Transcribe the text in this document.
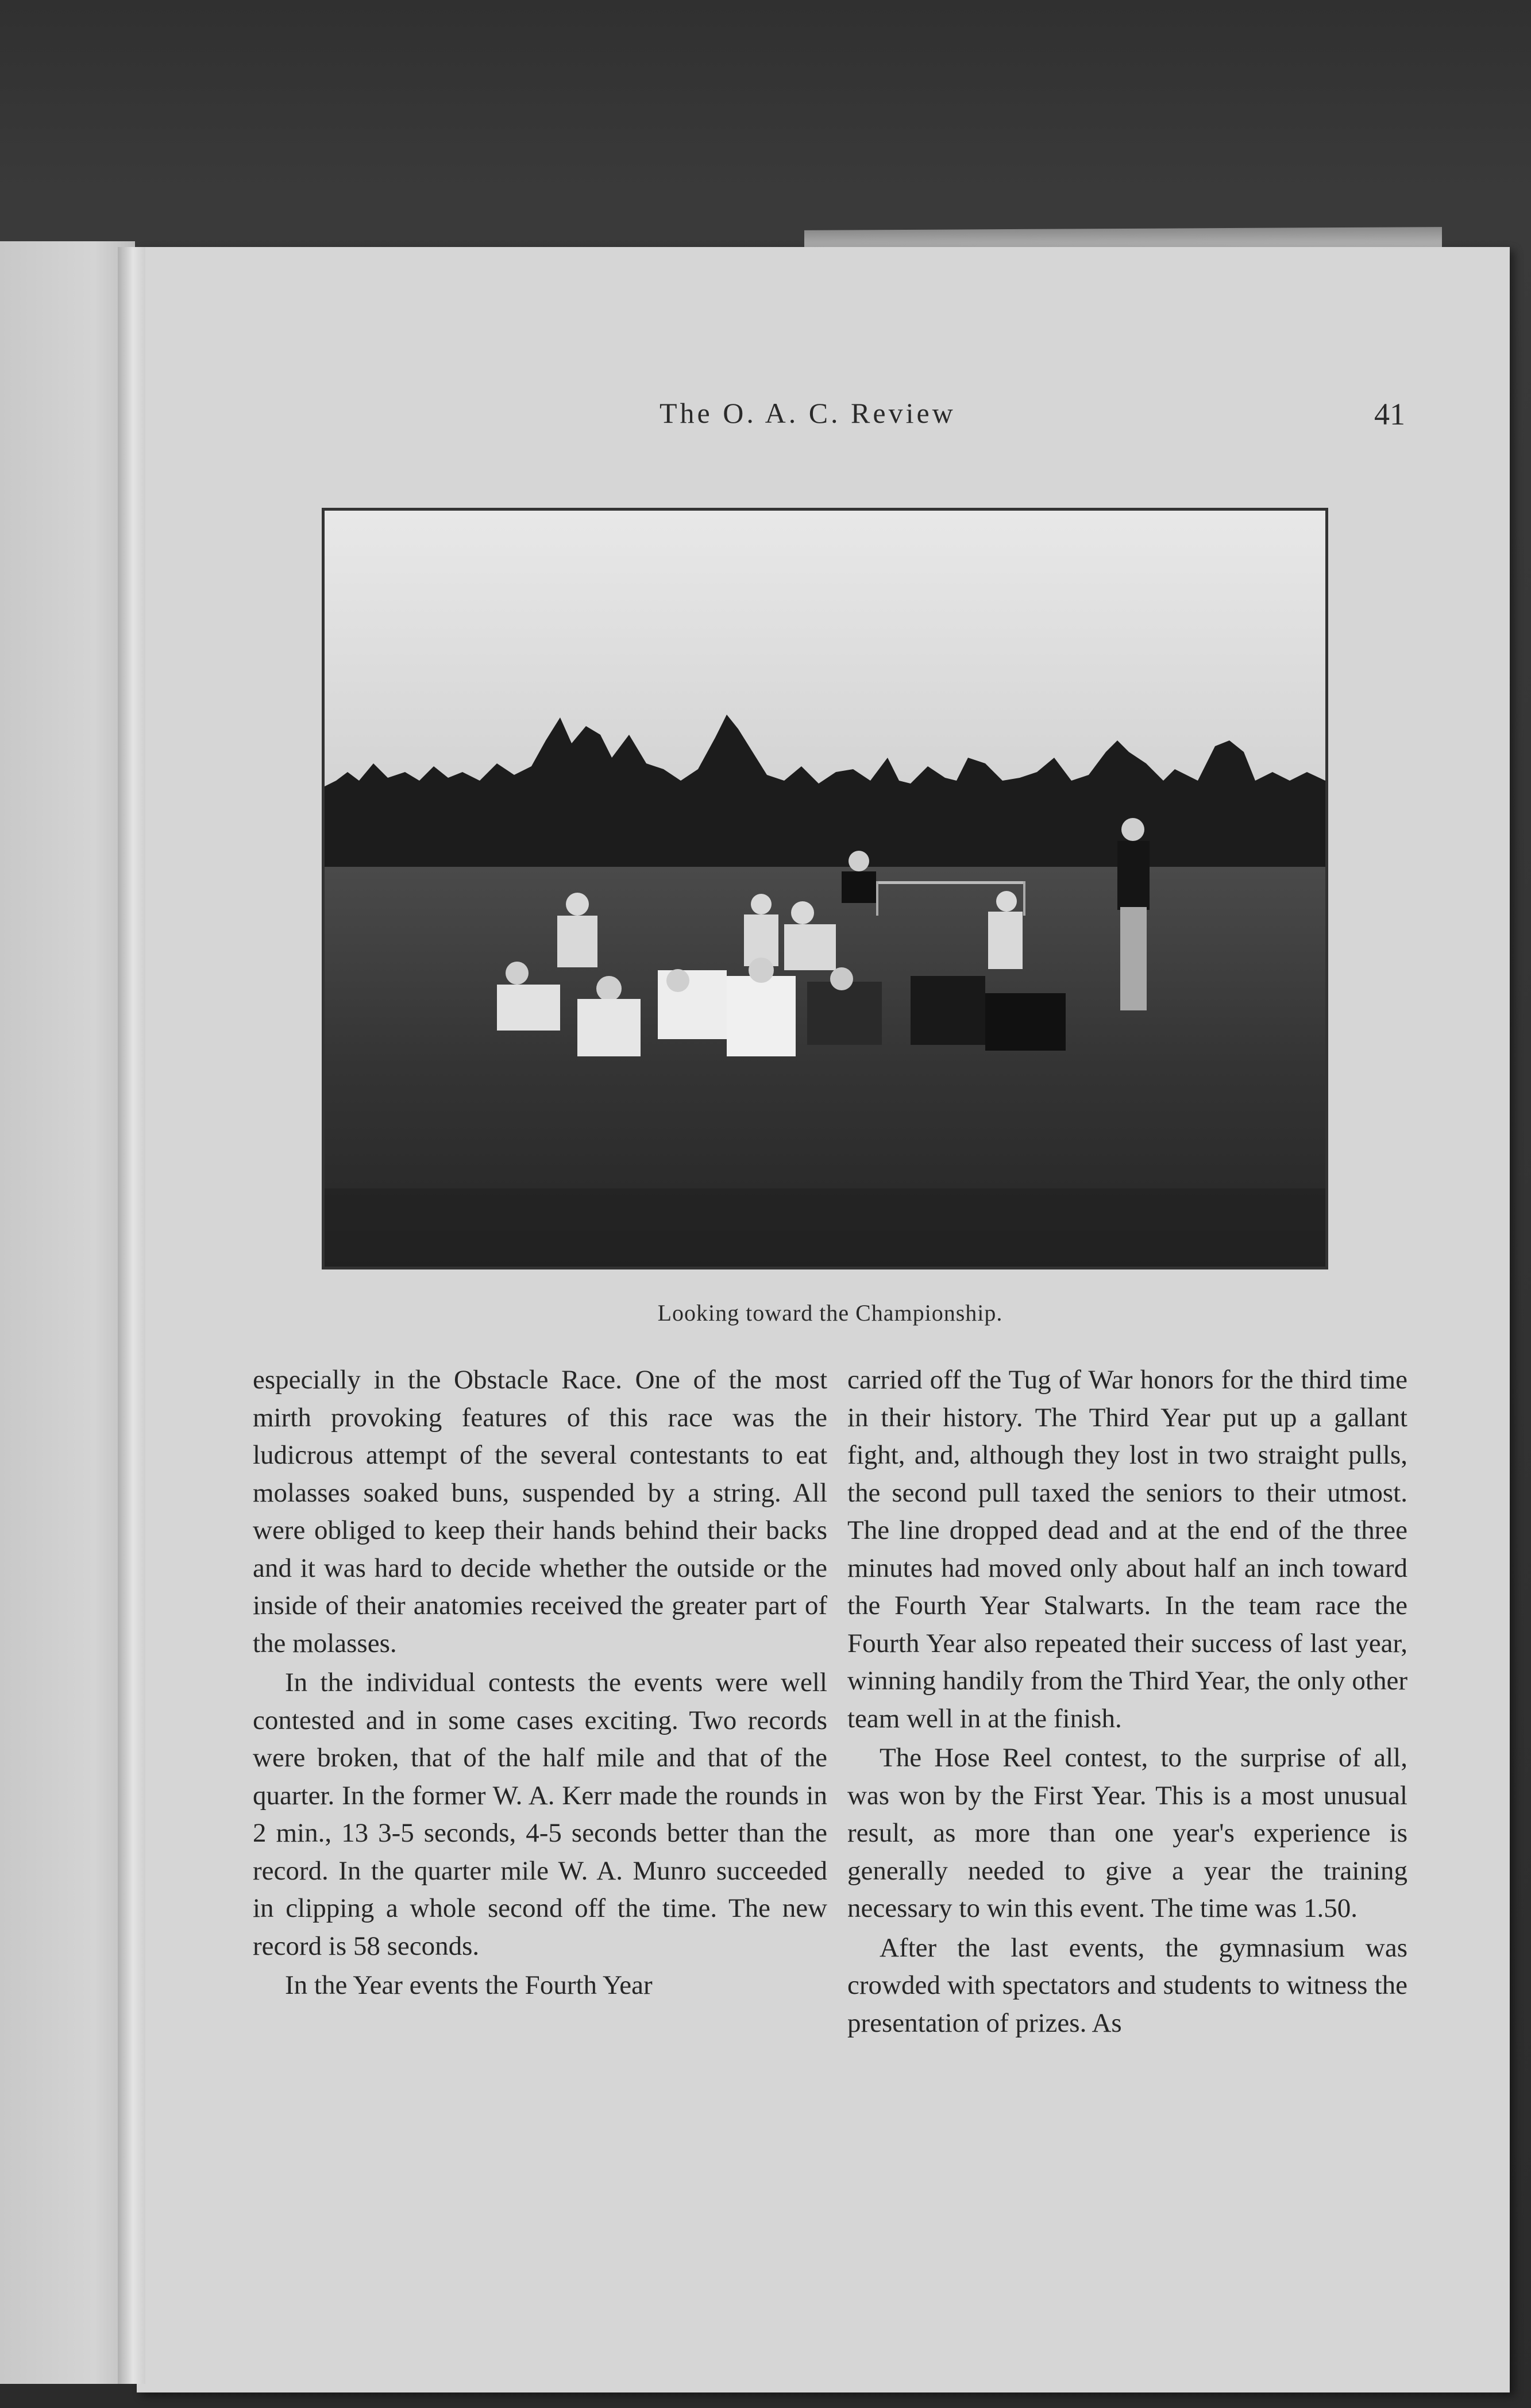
The O. A. C. Review	41
Looking toward the Championship.

especially in the Obstacle Race. One of the most mirth provoking features of this race was the ludicrous attempt of the several contestants to eat molasses soaked buns, suspended by a string. All were obliged to keep their hands behind their backs and it was hard to decide whether the outside or the inside of their anatomies received the greater part of the molasses.

In the individual contests the events were well contested and in some cases exciting. Two records were broken, that of the half mile and that of the quarter. In the former W. A. Kerr made the rounds in 2 min., 13 3-5 seconds, 4-5 seconds better than the record. In the quarter mile W. A. Munro succeeded in clipping a whole second off the time. The new record is 58 seconds.

In the Year events the Fourth Year

carried off the Tug of War honors for the third time in their history. The Third Year put up a gallant fight, and, although they lost in two straight pulls, the second pull taxed the seniors to their utmost. The line dropped dead and at the end of the three minutes had moved only about half an inch toward the Fourth Year Stalwarts. In the team race the Fourth Year also repeated their success of last year, winning handily from the Third Year, the only other team well in at the finish.

The Hose Reel contest, to the surprise of all, was won by the First Year. This is a most unusual result, as more than one year's experience is generally needed to give a year the training necessary to win this event. The time was 1.50.

After the last events, the gymnasium was crowded with spectators and students to witness the presentation of prizes. As
